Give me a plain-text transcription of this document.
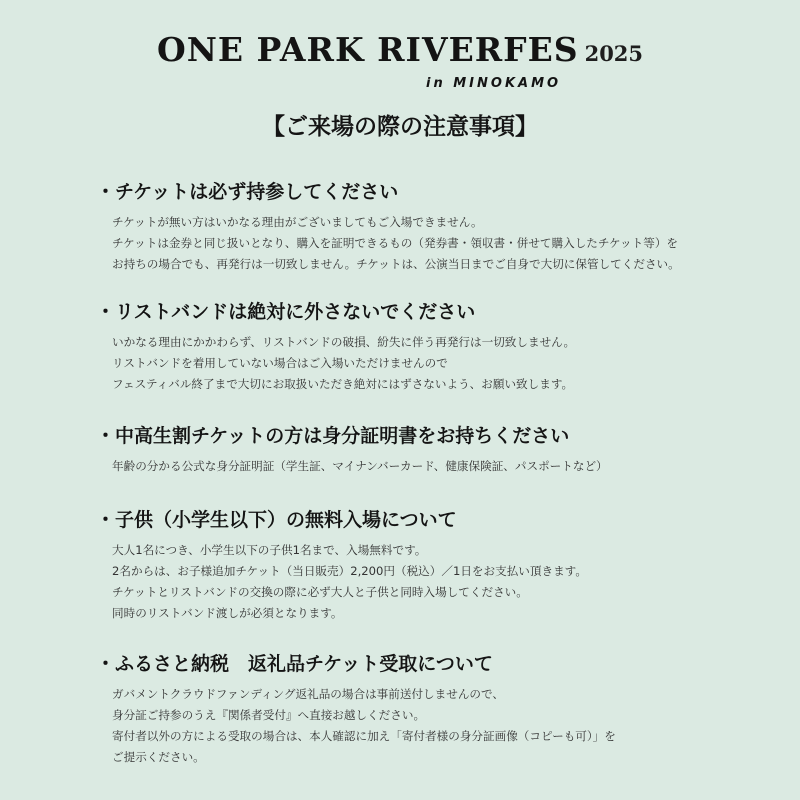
ONE PARK RIVERFES 2025
in MINOKAMO
【ご来場の際の注意事項】
・チケットは必ず持参してください
チケットが無い方はいかなる理由がございましてもご入場できません。
チケットは金券と同じ扱いとなり、購入を証明できるもの（発券書・領収書・併せて購入したチケット等）を
お持ちの場合でも、再発行は一切致しません。チケットは、公演当日までご自身で大切に保管してください。
・リストバンドは絶対に外さないでください
いかなる理由にかかわらず、リストバンドの破損、紛失に伴う再発行は一切致しません。
リストバンドを着用していない場合はご入場いただけませんので
フェスティバル終了まで大切にお取扱いただき絶対にはずさないよう、お願い致します。
・中高生割チケットの方は身分証明書をお持ちください
年齢の分かる公式な身分証明証（学生証、マイナンバーカード、健康保険証、パスポートなど）
・子供（小学生以下）の無料入場について
大人1名につき、小学生以下の子供1名まで、入場無料です。
2名からは、お子様追加チケット（当日販売）2,200円（税込）／1日をお支払い頂きます。
チケットとリストバンドの交換の際に必ず大人と子供と同時入場してください。
同時のリストバンド渡しが必須となります。
・ふるさと納税　返礼品チケット受取について
ガバメントクラウドファンディング返礼品の場合は事前送付しませんので、
身分証ご持参のうえ『関係者受付』へ直接お越しください。
寄付者以外の方による受取の場合は、本人確認に加え「寄付者様の身分証画像（コピーも可）」を
ご提示ください。
